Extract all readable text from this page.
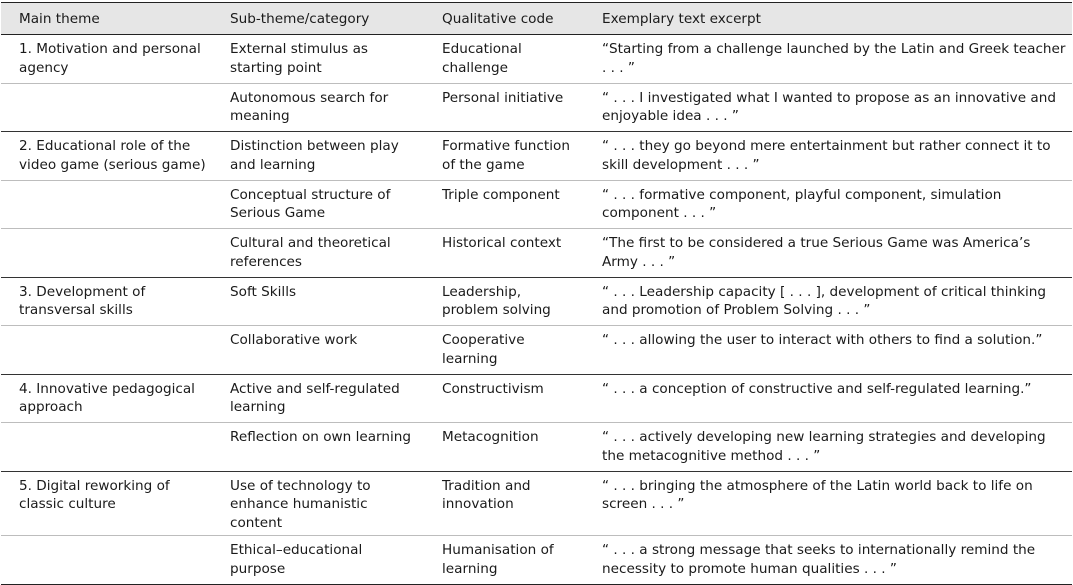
Main theme	Sub-theme/category	Qualitative code	Exemplary text excerpt
1. Motivation and personal agency	External stimulus as starting point	Educational challenge	“Starting from a challenge launched by the Latin and Greek teacher . . . ”
	Autonomous search for meaning	Personal initiative	“ . . . I investigated what I wanted to propose as an innovative and enjoyable idea . . . ”
2. Educational role of the video game (serious game)	Distinction between play and learning	Formative function of the game	“ . . . they go beyond mere entertainment but rather connect it to skill development . . . ”
	Conceptual structure of Serious Game	Triple component	“ . . . formative component, playful component, simulation component . . . ”
	Cultural and theoretical references	Historical context	“The first to be considered a true Serious Game was America’s Army . . . ”
3. Development of transversal skills	Soft Skills	Leadership, problem solving	“ . . . Leadership capacity [ . . . ], development of critical thinking and promotion of Problem Solving . . . ”
	Collaborative work	Cooperative learning	“ . . . allowing the user to interact with others to find a solution.”
4. Innovative pedagogical approach	Active and self-regulated learning	Constructivism	“ . . . a conception of constructive and self-regulated learning.”
	Reflection on own learning	Metacognition	“ . . . actively developing new learning strategies and developing the metacognitive method . . . ”
5. Digital reworking of classic culture	Use of technology to enhance humanistic content	Tradition and innovation	“ . . . bringing the atmosphere of the Latin world back to life on screen . . . ”
	Ethical–educational purpose	Humanisation of learning	“ . . . a strong message that seeks to internationally remind the necessity to promote human qualities . . . ”
